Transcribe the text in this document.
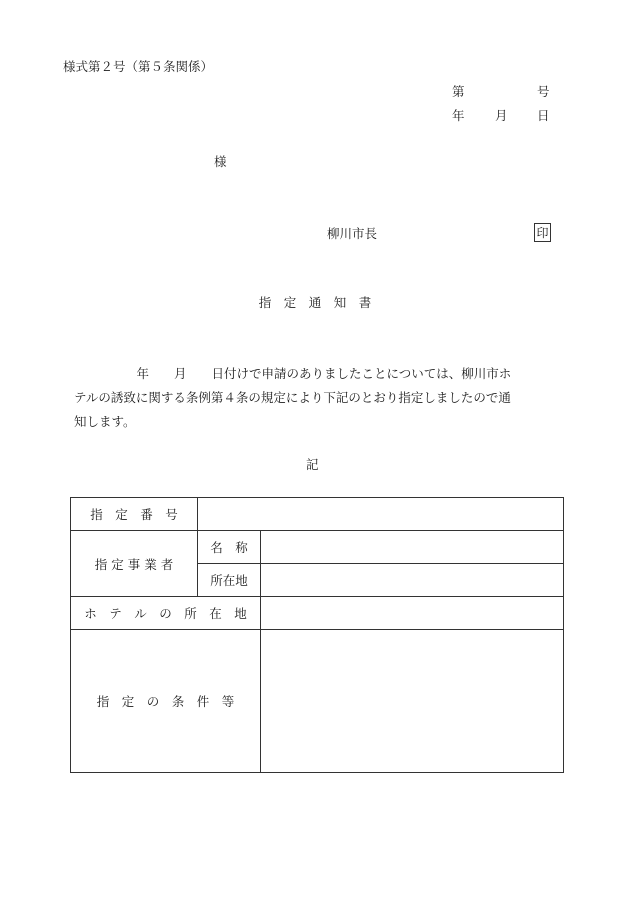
様式第２号（第５条関係）
第	号
年 月 日
様
柳川市長	印
指　定　通　知　書
　　　　　年　　月　　日付けで申請のありましたことについては、柳川市ホ
テルの誘致に関する条例第４条の規定により下記のとおり指定しましたので通
知します。
記
指　定　番　号		
指 定 事 業 者	名　称	
	所在地	
ホ　テ　ル　の　所　在　地		
指　定　の　条　件　等		
